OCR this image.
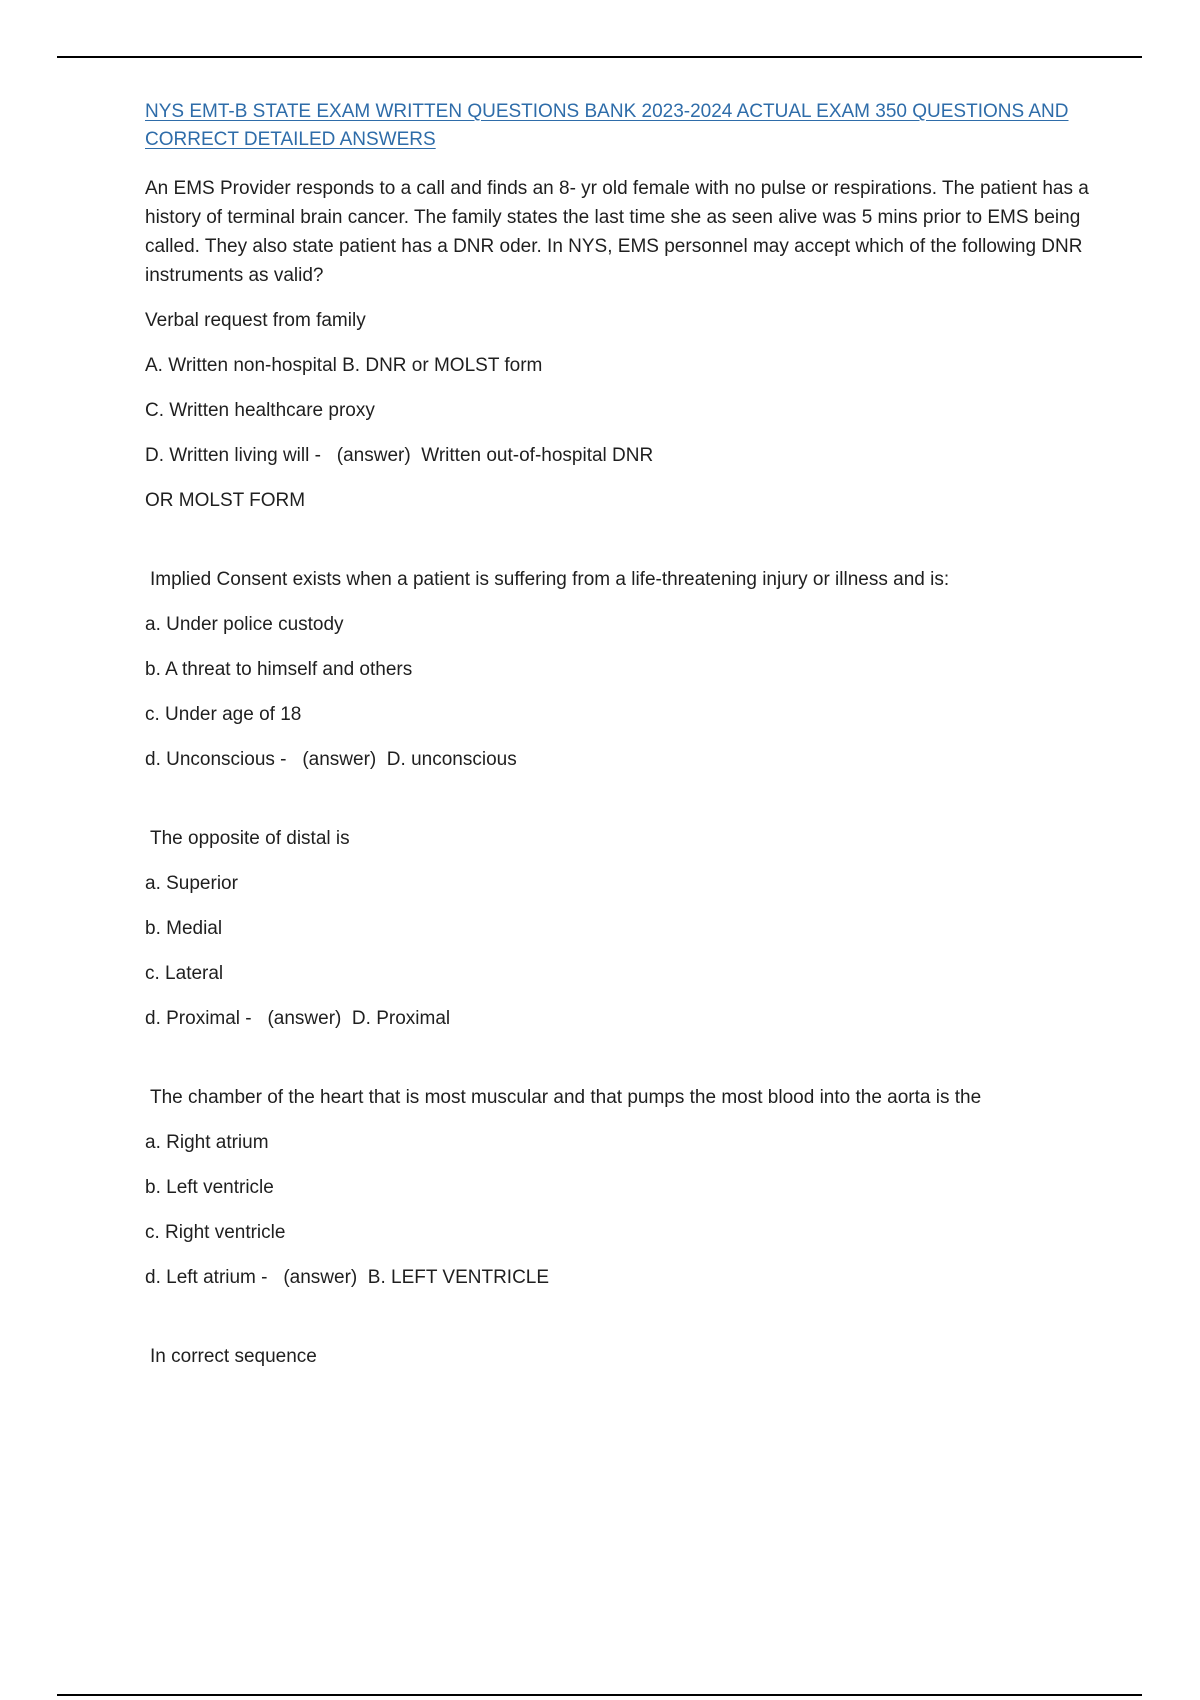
NYS EMT-B STATE EXAM WRITTEN QUESTIONS BANK 2023-2024 ACTUAL EXAM 350 QUESTIONS AND CORRECT DETAILED ANSWERS

An EMS Provider responds to a call and finds an 8- yr old female with no pulse or respirations. The patient has a history of terminal brain cancer. The family states the last time she as seen alive was 5 mins prior to EMS being called. They also state patient has a DNR oder. In NYS, EMS personnel may accept which of the following DNR instruments as valid?

Verbal request from family

A. Written non-hospital B. DNR or MOLST form

C. Written healthcare proxy

D. Written living will -   (answer)  Written out-of-hospital DNR

OR MOLST FORM

Implied Consent exists when a patient is suffering from a life-threatening injury or illness and is:

a. Under police custody

b. A threat to himself and others

c. Under age of 18

d. Unconscious -   (answer)  D. unconscious

The opposite of distal is

a. Superior

b. Medial

c. Lateral

d. Proximal -   (answer)  D. Proximal

The chamber of the heart that is most muscular and that pumps the most blood into the aorta is the

a. Right atrium

b. Left ventricle

c. Right ventricle

d. Left atrium -   (answer)  B. LEFT VENTRICLE

In correct sequence
